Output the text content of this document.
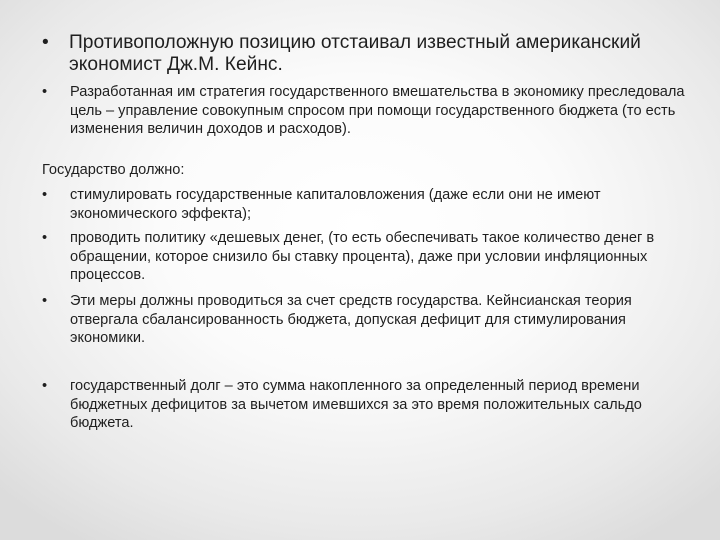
• Противоположную позицию отстаивал известный американский экономист Дж.М. Кейнс.
• Разработанная им стратегия государственного вмешательства в экономику преследовала цель – управление совокупным спросом при помощи государственного бюджета (то есть изменения величин доходов и расходов).
Государство должно:
• стимулировать государственные капиталовложения (даже если они не имеют экономического эффекта);
• проводить политику «дешевых денег, (то есть обеспечивать такое количество денег в обращении, которое снизило бы ставку процента), даже при условии инфляционных процессов.
• Эти меры должны проводиться за счет средств государства. Кейнсианская теория отвергала сбалансированность бюджета, допуская дефицит для стимулирования экономики.
• государственный долг – это сумма накопленного за определенный период времени бюджетных дефицитов за вычетом имевшихся за это время положительных сальдо бюджета.
